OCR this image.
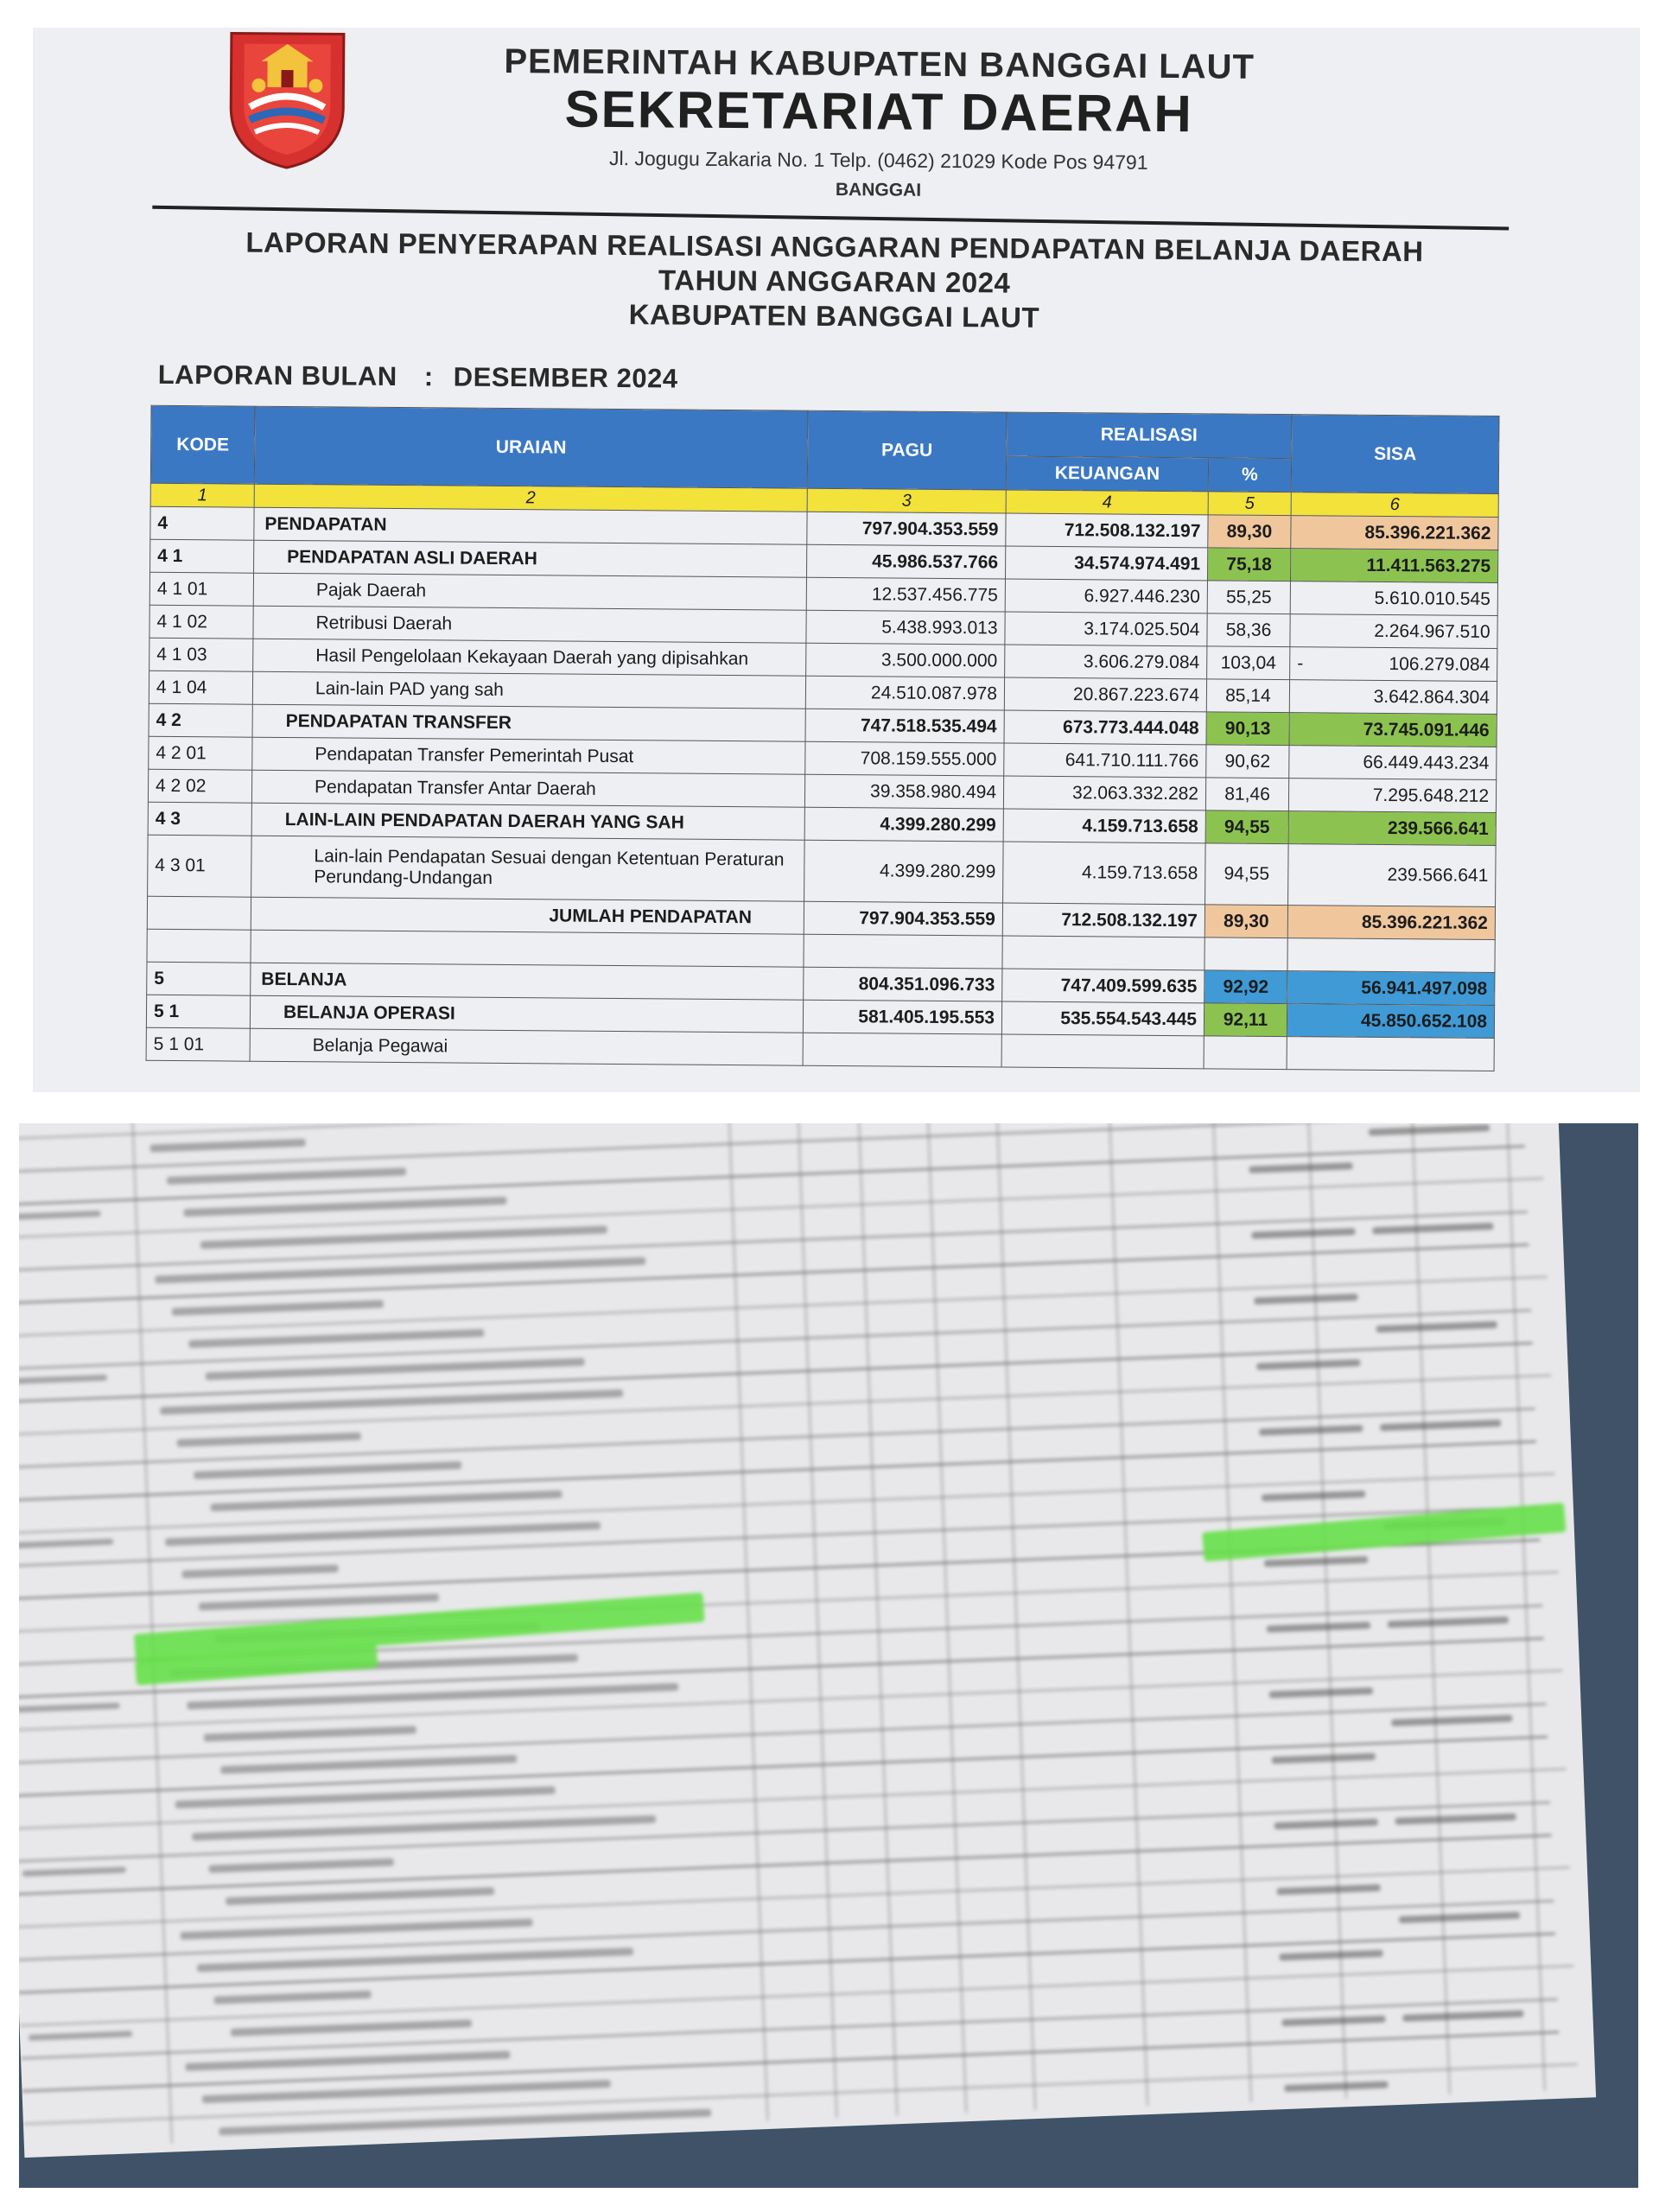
PEMERINTAH KABUPATEN BANGGAI LAUT
SEKRETARIAT DAERAH
Jl. Jogugu Zakaria No. 1 Telp. (0462) 21029 Kode Pos 94791
BANGGAI
LAPORAN PENYERAPAN REALISASI ANGGARAN PENDAPATAN BELANJA DAERAH
TAHUN ANGGARAN 2024
KABUPATEN BANGGAI LAUT
LAPORAN BULAN : DESEMBER 2024
KODE	URAIAN	PAGU	REALISASI		SISA
			KEUANGAN	%	
1	2	3	4	5	6
4	PENDAPATAN	797.904.353.559	712.508.132.197	89,30	85.396.221.362
4 1	PENDAPATAN ASLI DAERAH	45.986.537.766	34.574.974.491	75,18	11.411.563.275
4 1 01	Pajak Daerah	12.537.456.775	6.927.446.230	55,25	5.610.010.545
4 1 02	Retribusi Daerah	5.438.993.013	3.174.025.504	58,36	2.264.967.510
4 1 03	Hasil Pengelolaan Kekayaan Daerah yang dipisahkan	3.500.000.000	3.606.279.084	103,04	- 106.279.084
4 1 04	Lain-lain PAD yang sah	24.510.087.978	20.867.223.674	85,14	3.642.864.304
4 2	PENDAPATAN TRANSFER	747.518.535.494	673.773.444.048	90,13	73.745.091.446
4 2 01	Pendapatan Transfer Pemerintah Pusat	708.159.555.000	641.710.111.766	90,62	66.449.443.234
4 2 02	Pendapatan Transfer Antar Daerah	39.358.980.494	32.063.332.282	81,46	7.295.648.212
4 3	LAIN-LAIN PENDAPATAN DAERAH YANG SAH	4.399.280.299	4.159.713.658	94,55	239.566.641
4 3 01	Lain-lain Pendapatan Sesuai dengan Ketentuan Peraturan Perundang-Undangan	4.399.280.299	4.159.713.658	94,55	239.566.641
	JUMLAH PENDAPATAN	797.904.353.559	712.508.132.197	89,30	85.396.221.362

5	BELANJA	804.351.096.733	747.409.599.635	92,92	56.941.497.098
5 1	BELANJA OPERASI	581.405.195.553	535.554.543.445	92,11	45.850.652.108
5 1 01	Belanja Pegawai				
